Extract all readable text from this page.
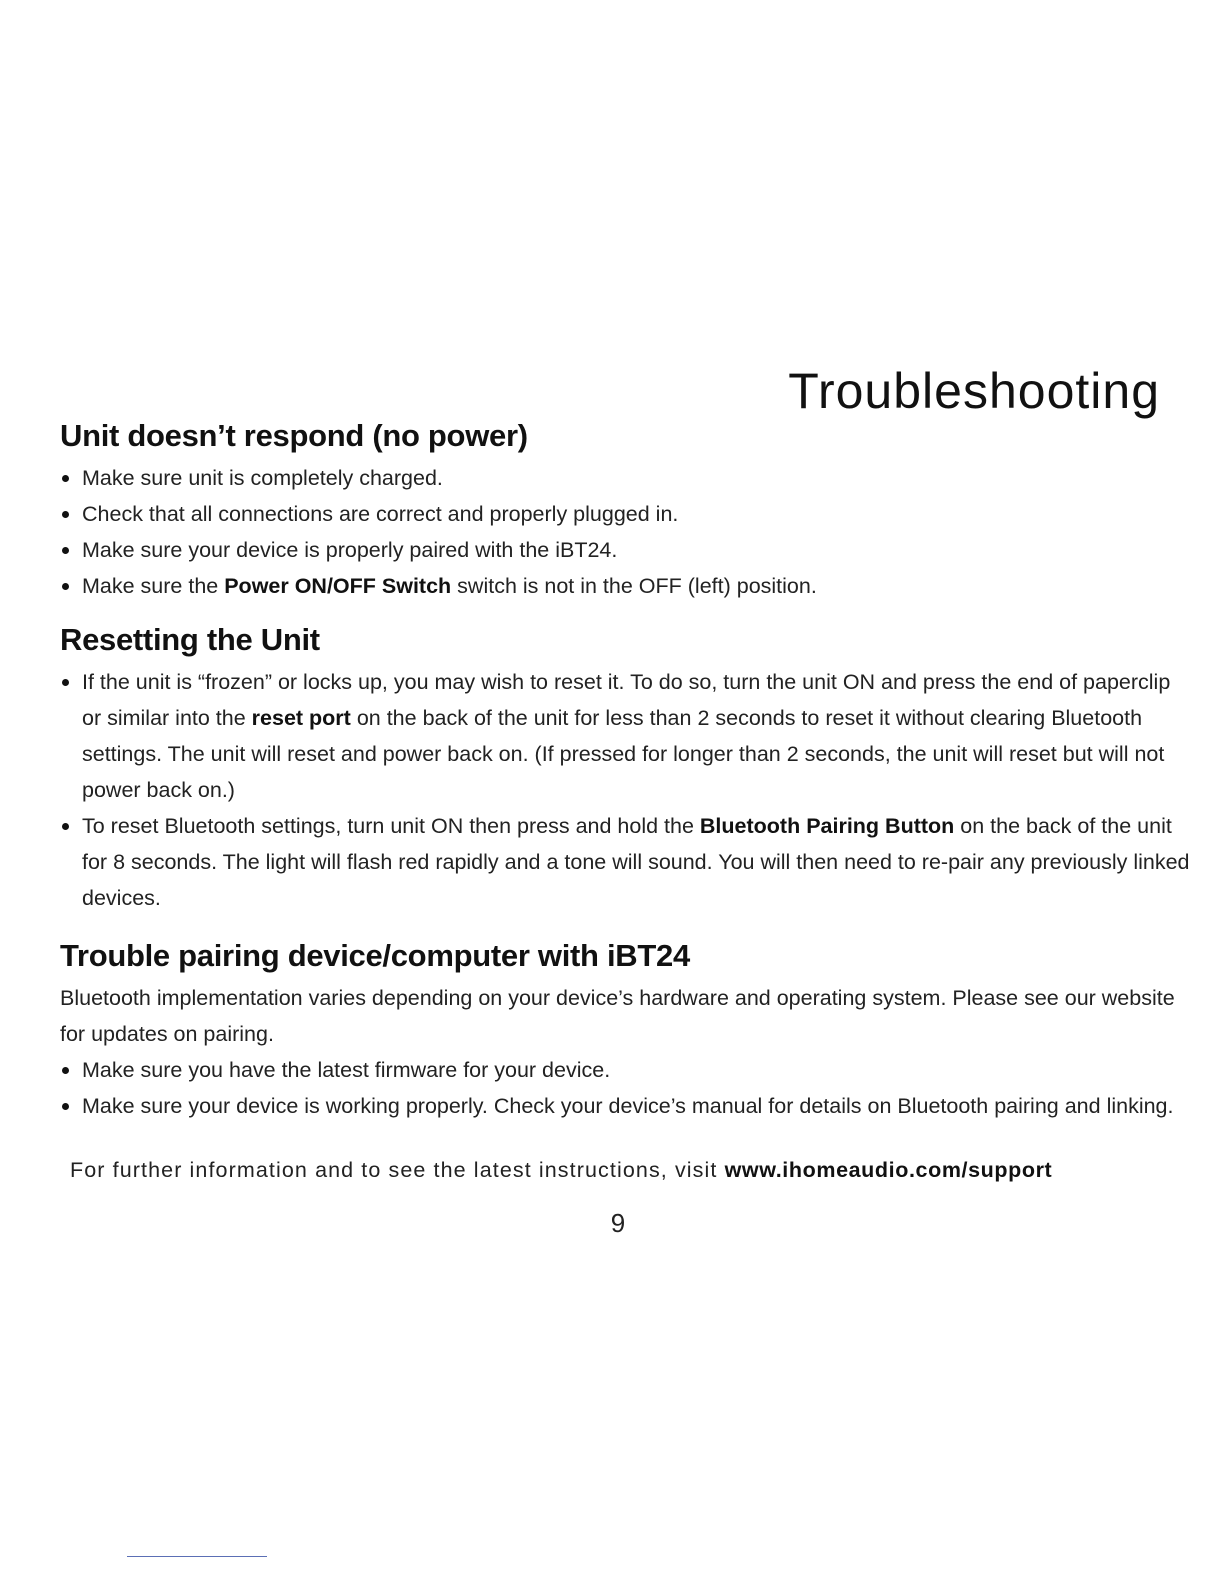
Troubleshooting
Unit doesn’t respond (no power)
Make sure unit is completely charged.
Check that all connections are correct and properly plugged in.
Make sure your device is properly paired with the iBT24.
Make sure the Power ON/OFF Switch switch is not in the OFF (left) position.
Resetting the Unit
If the unit is “frozen” or locks up, you may wish to reset it. To do so, turn the unit ON and press the end of paperclip or similar into the reset port on the back of the unit for less than 2 seconds to reset it without clearing Bluetooth settings. The unit will reset and power back on. (If pressed for longer than 2 seconds, the unit will reset but will not power back on.)
To reset Bluetooth settings, turn unit ON then press and hold the Bluetooth Pairing Button on the back of the unit for 8 seconds. The light will flash red rapidly and a tone will sound. You will then need to re-pair any previously linked devices.
Trouble pairing device/computer with iBT24

Bluetooth implementation varies depending on your device’s hardware and operating system. Please see our website for updates on pairing.

Make sure you have the latest firmware for your device.
Make sure your device is working properly. Check your device’s manual for details on Bluetooth pairing and linking.
For further information and to see the latest instructions, visit www.ihomeaudio.com/support
9
